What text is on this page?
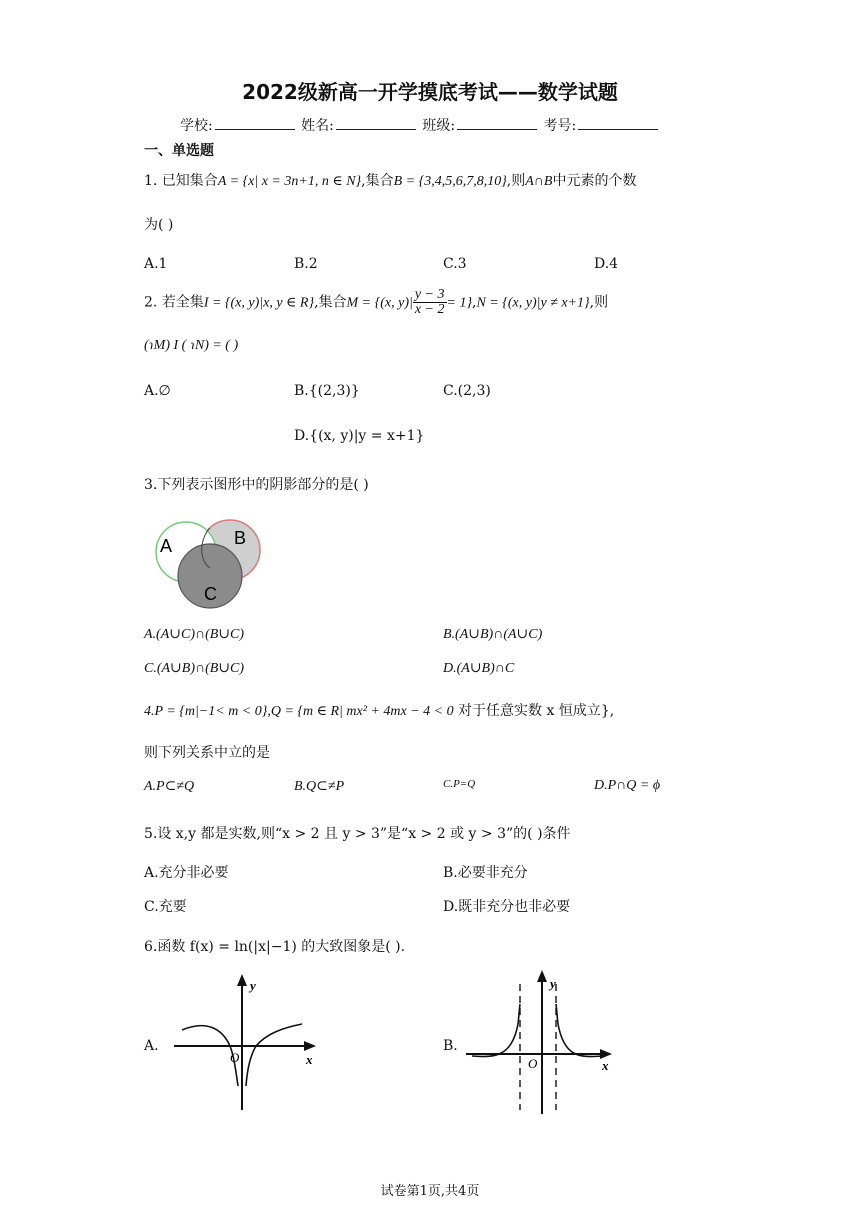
2022级新高一开学摸底考试——数学试题
学校:	姓名:	班级:	考号:
一、单选题
1. 已知集合A = {x| x = 3n+1, n ∈ N},集合B = {3,4,5,6,7,8,10},则A∩B中元素的个数
为( )
A.1	B.2	C.3	D.4
2. 若全集I = {(x, y)|x, y ∈ R},集合M = {(x, $y)| \frac{y - 3}{x - 2} = 1\},N = \{(x$, y)|y ≠ x+1},则
(ɿM) I ( ɿN) = ( )
A.∅	B.{(2,3)}	C.(2,3)
D.{(x, y)|y = x+1}
3.下列表示图形中的阴影部分的是( )
A	B
C
A.(A∪C)∩(B∪C)	B.(A∪B)∩(A∪C)
C.(A∪B)∩(B∪C)	D.(A∪B)∩C
4.P = {m|−1< m < 0},Q = {m ∈ R| mx² + 4mx − 4 < 0 对于任意实数 x 恒成立},
则下列关系中立的是
A.P⊂≠Q	B.Q⊂≠P	C.P=Q	D.P∩Q = ϕ
5.设 x,y 都是实数,则“x > 2 且 y > 3”是“x > 2 或 y > 3”的( )条件
A.充分非必要	B.必要非充分
C.充要	D.既非充分也非必要
6.函数 f(x) = ln(|x|−1) 的大致图象是( ).
A.	B.
y
x
O
y
x
O
试卷第1页,共4页
